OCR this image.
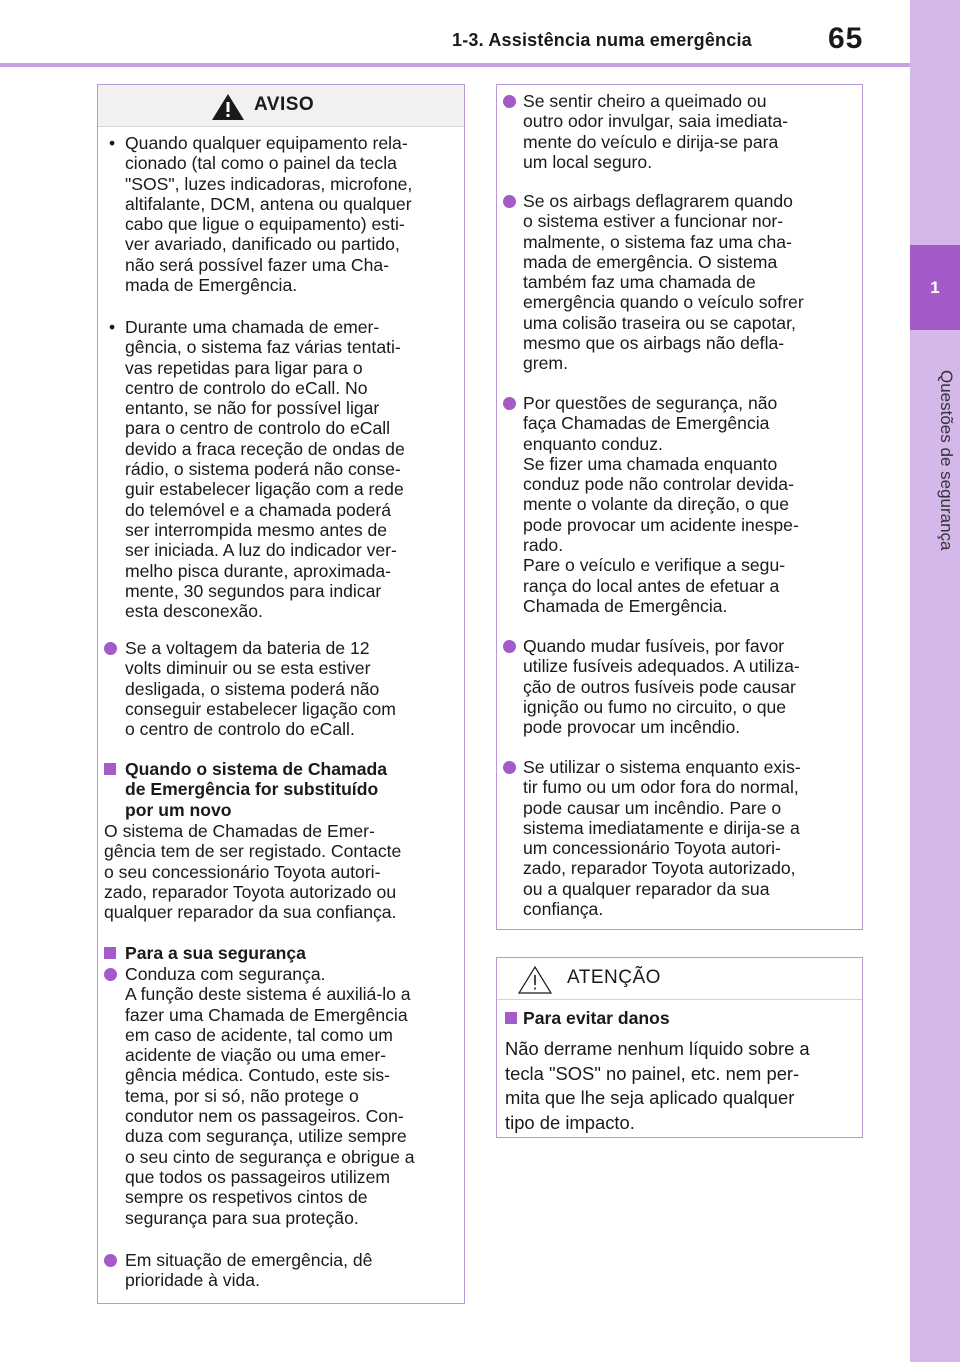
1-3. Assistência numa emergência	65
1
Questões de segurança
AVISO
• Quando qualquer equipamento rela-
cionado (tal como o painel da tecla
"SOS", luzes indicadoras, microfone,
altifalante, DCM, antena ou qualquer
cabo que ligue o equipamento) esti-
ver avariado, danificado ou partido,
não será possível fazer uma Cha-
mada de Emergência.
• Durante uma chamada de emer-
gência, o sistema faz várias tentati-
vas repetidas para ligar para o
centro de controlo do eCall. No
entanto, se não for possível ligar
para o centro de controlo do eCall
devido a fraca receção de ondas de
rádio, o sistema poderá não conse-
guir estabelecer ligação com a rede
do telemóvel e a chamada poderá
ser interrompida mesmo antes de
ser iniciada. A luz do indicador ver-
melho pisca durante, aproximada-
mente, 30 segundos para indicar
esta desconexão.
Se a voltagem da bateria de 12
volts diminuir ou se esta estiver
desligada, o sistema poderá não
conseguir estabelecer ligação com
o centro de controlo do eCall.
Quando o sistema de Chamada
de Emergência for substituído
por um novo
O sistema de Chamadas de Emer-
gência tem de ser registado. Contacte
o seu concessionário Toyota autori-
zado, reparador Toyota autorizado ou
qualquer reparador da sua confiança.
Para a sua segurança
Conduza com segurança.
A função deste sistema é auxiliá-lo a
fazer uma Chamada de Emergência
em caso de acidente, tal como um
acidente de viação ou uma emer-
gência médica. Contudo, este sis-
tema, por si só, não protege o
condutor nem os passageiros. Con-
duza com segurança, utilize sempre
o seu cinto de segurança e obrigue a
que todos os passageiros utilizem
sempre os respetivos cintos de
segurança para sua proteção.
Em situação de emergência, dê
prioridade à vida.
Se sentir cheiro a queimado ou
outro odor invulgar, saia imediata-
mente do veículo e dirija-se para
um local seguro.
Se os airbags deflagrarem quando
o sistema estiver a funcionar nor-
malmente, o sistema faz uma cha-
mada de emergência. O sistema
também faz uma chamada de
emergência quando o veículo sofrer
uma colisão traseira ou se capotar,
mesmo que os airbags não defla-
grem.
Por questões de segurança, não
faça Chamadas de Emergência
enquanto conduz.
Se fizer uma chamada enquanto
conduz pode não controlar devida-
mente o volante da direção, o que
pode provocar um acidente inespe-
rado.
Pare o veículo e verifique a segu-
rança do local antes de efetuar a
Chamada de Emergência.
Quando mudar fusíveis, por favor
utilize fusíveis adequados. A utiliza-
ção de outros fusíveis pode causar
ignição ou fumo no circuito, o que
pode provocar um incêndio.
Se utilizar o sistema enquanto exis-
tir fumo ou um odor fora do normal,
pode causar um incêndio. Pare o
sistema imediatamente e dirija-se a
um concessionário Toyota autori-
zado, reparador Toyota autorizado,
ou a qualquer reparador da sua
confiança.
ATENÇÃO
Para evitar danos
Não derrame nenhum líquido sobre a
tecla "SOS" no painel, etc. nem per-
mita que lhe seja aplicado qualquer
tipo de impacto.
